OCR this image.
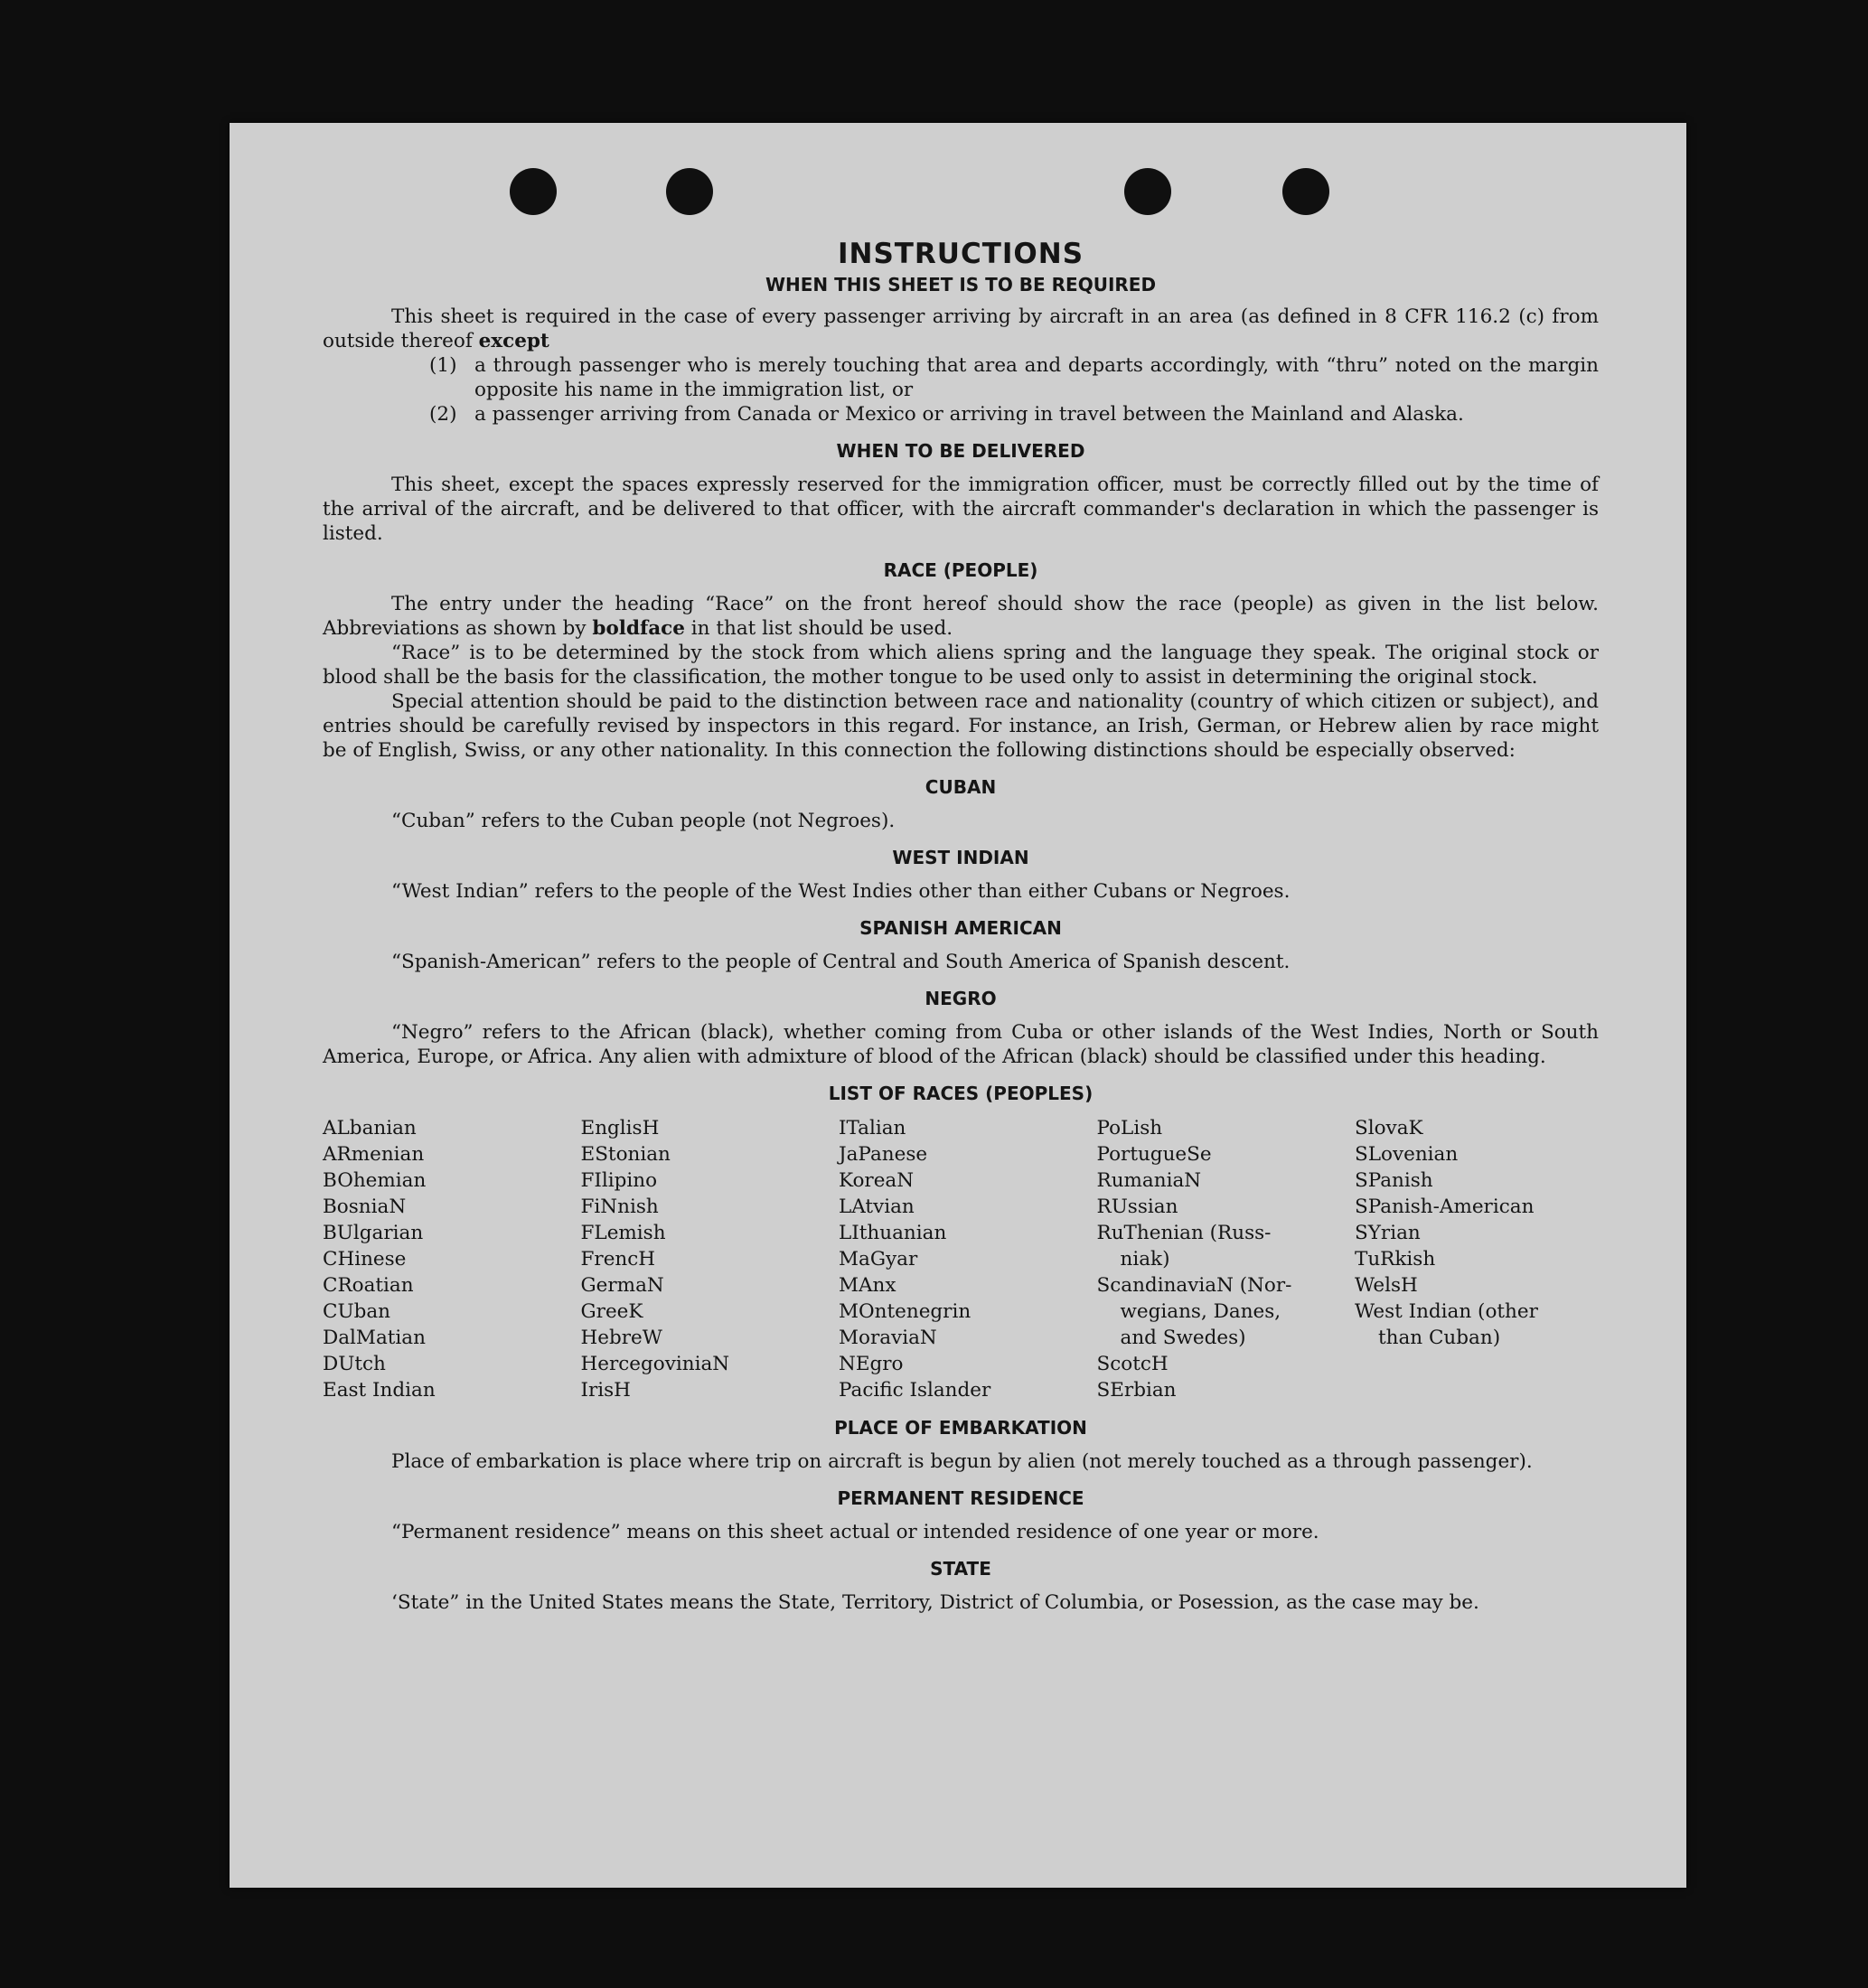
INSTRUCTIONS
WHEN THIS SHEET IS TO BE REQUIRED

This sheet is required in the case of every passenger arriving by aircraft in an area (as defined in 8 CFR 116.2 (c) from outside thereof except

(1) a through passenger who is merely touching that area and departs accordingly, with “thru” noted on the margin opposite his name in the immigration list, or
(2) a passenger arriving from Canada or Mexico or arriving in travel between the Mainland and Alaska.
WHEN TO BE DELIVERED

This sheet, except the spaces expressly reserved for the immigration officer, must be correctly filled out by the time of the arrival of the aircraft, and be delivered to that officer, with the aircraft commander's declaration in which the passenger is listed.

RACE (PEOPLE)

The entry under the heading “Race” on the front hereof should show the race (people) as given in the list below. Abbreviations as shown by boldface in that list should be used.

“Race” is to be determined by the stock from which aliens spring and the language they speak. The original stock or blood shall be the basis for the classification, the mother tongue to be used only to assist in determining the original stock.

Special attention should be paid to the distinction between race and nationality (country of which citizen or subject), and entries should be carefully revised by inspectors in this regard. For instance, an Irish, German, or Hebrew alien by race might be of English, Swiss, or any other nationality. In this connection the following distinctions should be especially observed:

CUBAN

“Cuban” refers to the Cuban people (not Negroes).

WEST INDIAN

“West Indian” refers to the people of the West Indies other than either Cubans or Negroes.

SPANISH AMERICAN

“Spanish-American” refers to the people of Central and South America of Spanish descent.

NEGRO

“Negro” refers to the African (black), whether coming from Cuba or other islands of the West Indies, North or South America, Europe, or Africa. Any alien with admixture of blood of the African (black) should be classified under this heading.

LIST OF RACES (PEOPLES)
ALbanian
ARmenian
BOhemian
BosniaN
BUlgarian
CHinese
CRoatian
CUban
DalMatian
DUtch
East Indian
EnglisH
EStonian
FIlipino
FiNnish
FLemish
FrencH
GermaN
GreeK
HebreW
HercegoviniaN
IrisH
ITalian
JaPanese
KoreaN
LAtvian
LIthuanian
MaGyar
MAnx
MOntenegrin
MoraviaN
NEgro
Pacific Islander
PoLish
PortugueSe
RumaniaN
RUssian
RuThenian (Russ-
niak)
ScandinaviaN (Nor-
wegians, Danes,
and Swedes)
ScotcH
SErbian
SlovaK
SLovenian
SPanish
SPanish-American
SYrian
TuRkish
WelsH
West Indian (other
than Cuban)
PLACE OF EMBARKATION

Place of embarkation is place where trip on aircraft is begun by alien (not merely touched as a through passenger).

PERMANENT RESIDENCE

“Permanent residence” means on this sheet actual or intended residence of one year or more.

STATE

‘State” in the United States means the State, Territory, District of Columbia, or Posession, as the case may be.
